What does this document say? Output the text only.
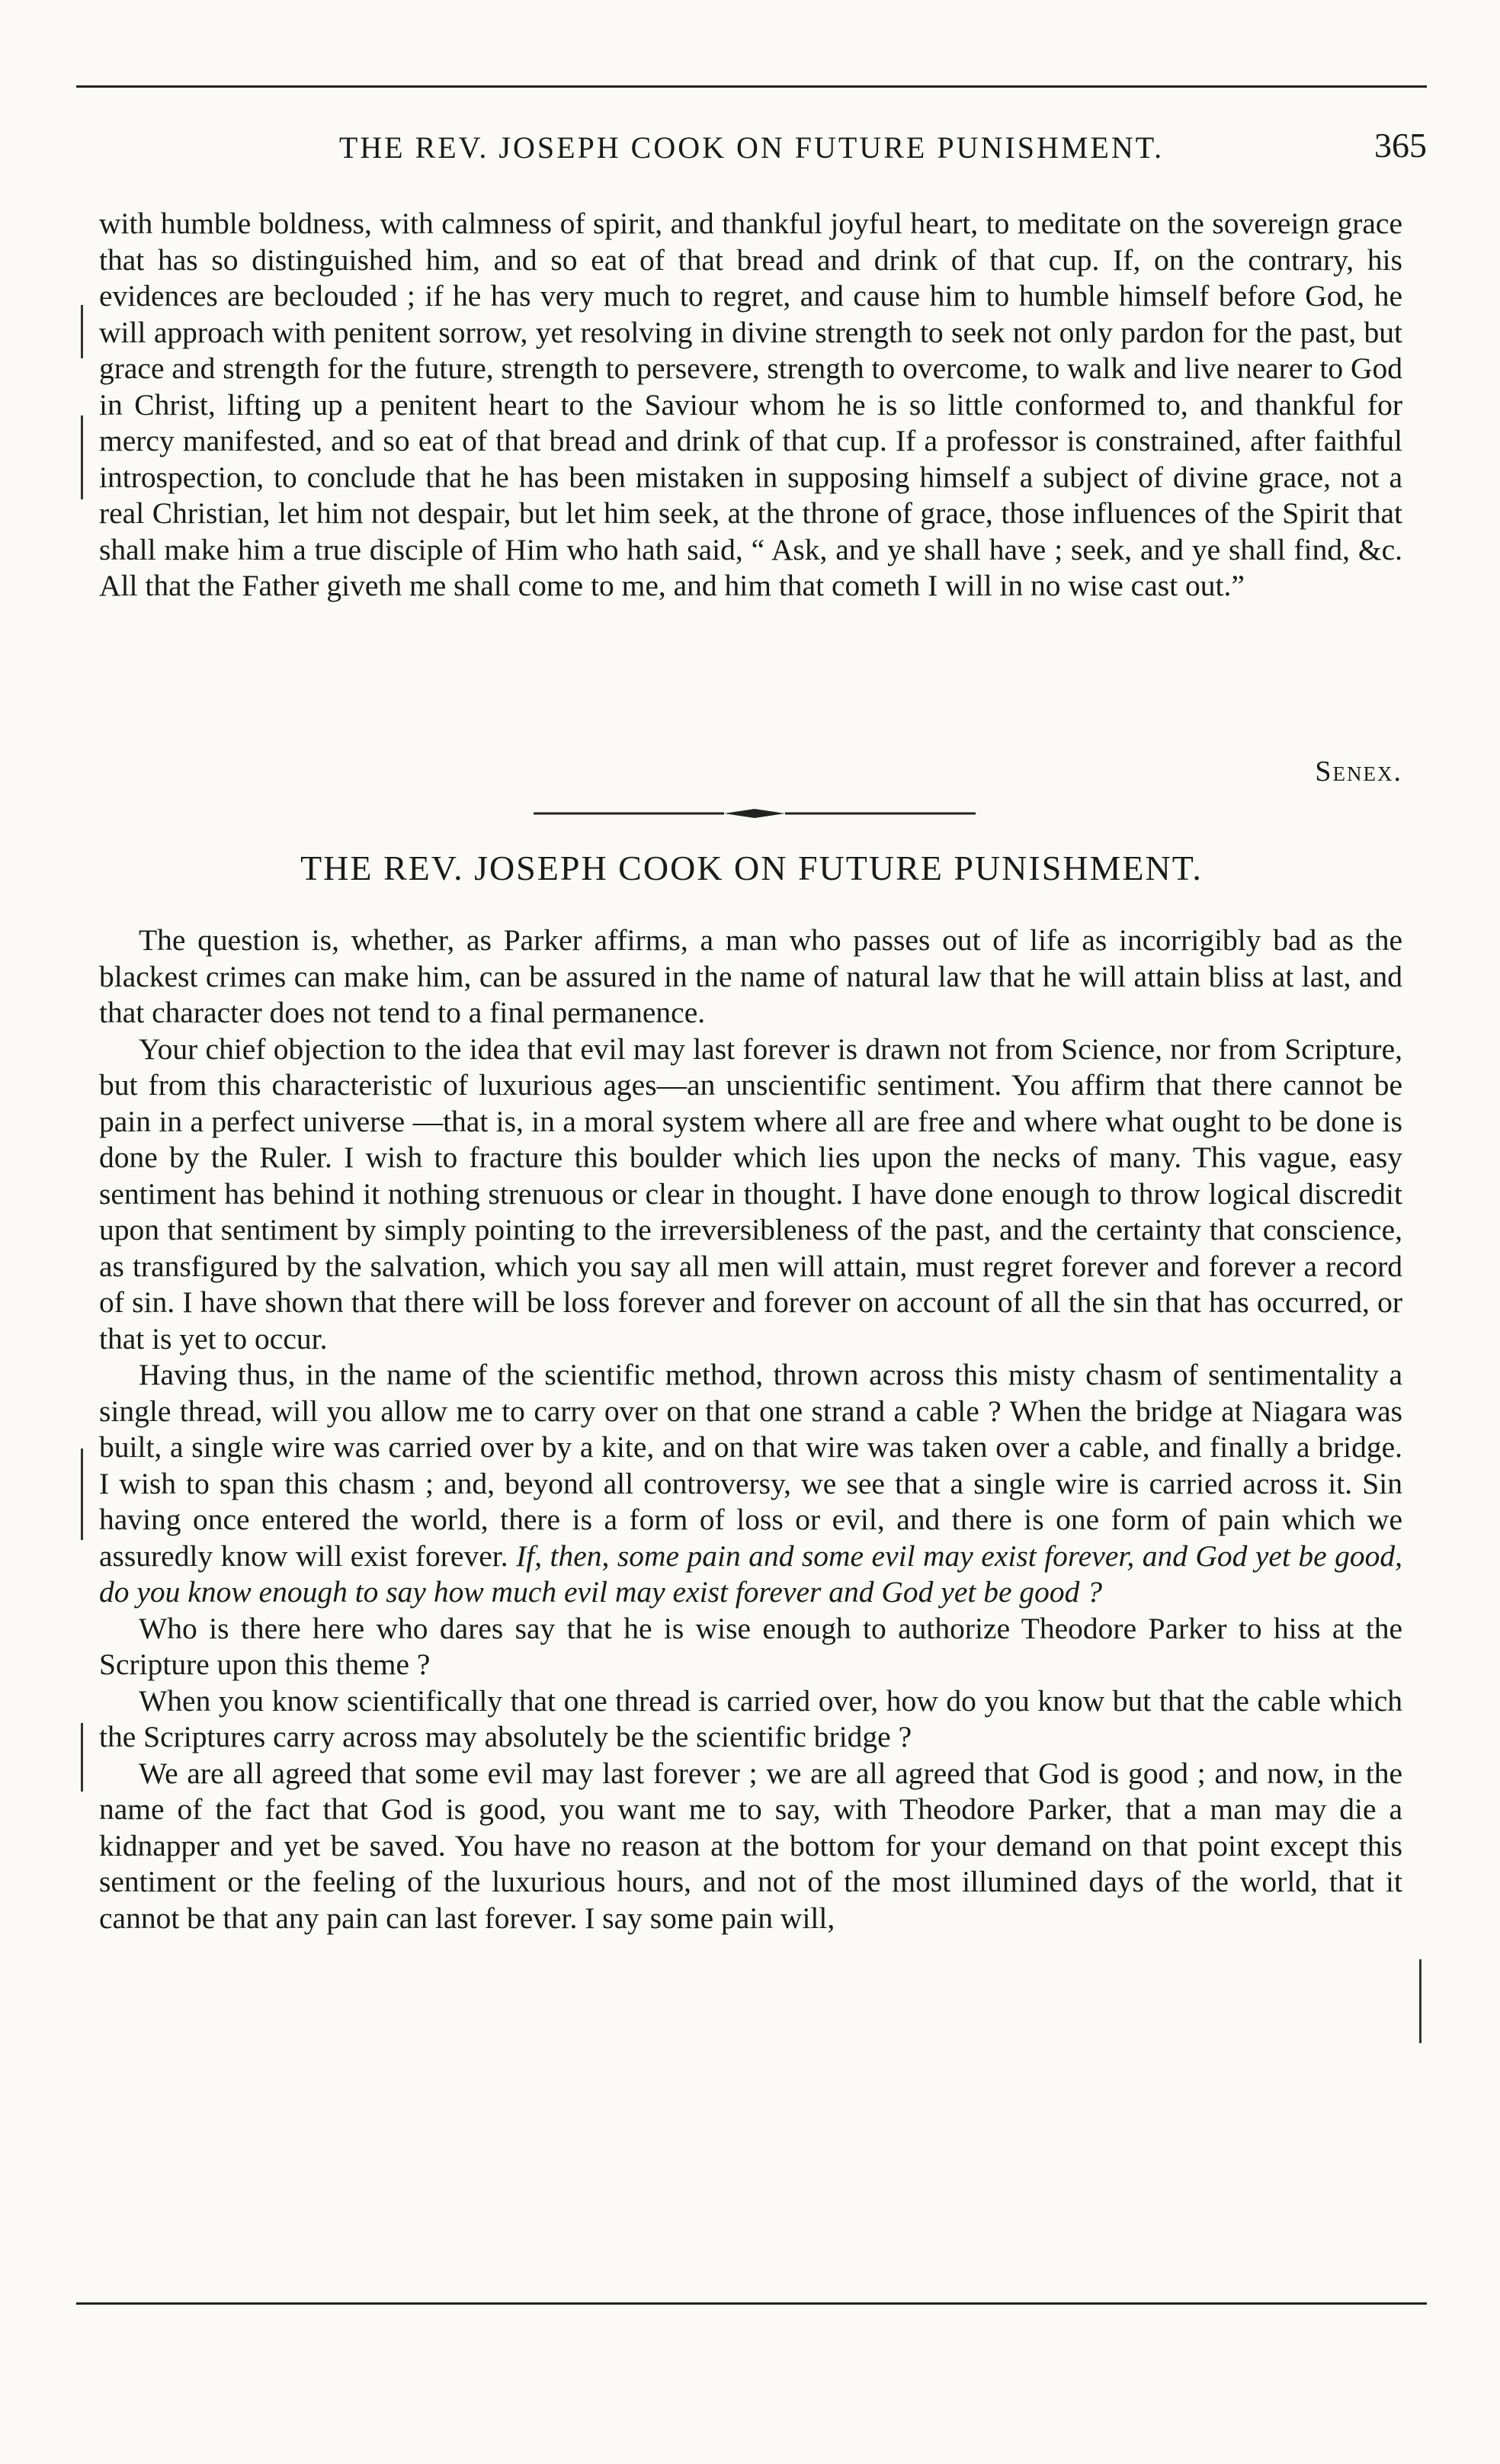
THE REV. JOSEPH COOK ON FUTURE PUNISHMENT.	365

with humble boldness, with calmness of spirit, and thankful joyful heart, to meditate on the sovereign grace that has so distinguished him, and so eat of that bread and drink of that cup. If, on the contrary, his evidences are beclouded ; if he has very much to regret, and cause him to humble himself before God, he will approach with penitent sorrow, yet resolving in divine strength to seek not only pardon for the past, but grace and strength for the future, strength to persevere, strength to overcome, to walk and live nearer to God in Christ, lifting up a penitent heart to the Saviour whom he is so little conformed to, and thankful for mercy manifested, and so eat of that bread and drink of that cup. If a professor is constrained, after faithful introspection, to conclude that he has been mistaken in supposing himself a subject of divine grace, not a real Christian, let him not despair, but let him seek, at the throne of grace, those influences of the Spirit that shall make him a true disciple of Him who hath said, “ Ask, and ye shall have ; seek, and ye shall find, &c. All that the Father giveth me shall come to me, and him that cometh I will in no wise cast out.”

Senex.
THE REV. JOSEPH COOK ON FUTURE PUNISHMENT.

The question is, whether, as Parker affirms, a man who passes out of life as incorrigibly bad as the blackest crimes can make him, can be assured in the name of natural law that he will attain bliss at last, and that character does not tend to a final permanence.

Your chief objection to the idea that evil may last forever is drawn not from Science, nor from Scripture, but from this characteristic of luxurious ages—an unscientific sentiment. You affirm that there cannot be pain in a perfect universe —that is, in a moral system where all are free and where what ought to be done is done by the Ruler. I wish to fracture this boulder which lies upon the necks of many. This vague, easy sentiment has behind it nothing strenuous or clear in thought. I have done enough to throw logical discredit upon that sentiment by simply pointing to the irreversibleness of the past, and the certainty that conscience, as transfigured by the salvation, which you say all men will attain, must regret forever and forever a record of sin. I have shown that there will be loss forever and forever on account of all the sin that has occurred, or that is yet to occur.

Having thus, in the name of the scientific method, thrown across this misty chasm of sentimentality a single thread, will you allow me to carry over on that one strand a cable ? When the bridge at Niagara was built, a single wire was carried over by a kite, and on that wire was taken over a cable, and finally a bridge. I wish to span this chasm ; and, beyond all controversy, we see that a single wire is carried across it. Sin having once entered the world, there is a form of loss or evil, and there is one form of pain which we assuredly know will exist forever. If, then, some pain and some evil may exist forever, and God yet be good, do you know enough to say how much evil may exist forever and God yet be good ?

Who is there here who dares say that he is wise enough to authorize Theodore Parker to hiss at the Scripture upon this theme ?

When you know scientifically that one thread is carried over, how do you know but that the cable which the Scriptures carry across may absolutely be the scientific bridge ?

We are all agreed that some evil may last forever ; we are all agreed that God is good ; and now, in the name of the fact that God is good, you want me to say, with Theodore Parker, that a man may die a kidnapper and yet be saved. You have no reason at the bottom for your demand on that point except this sentiment or the feeling of the luxurious hours, and not of the most illumined days of the world, that it cannot be that any pain can last forever. I say some pain will,
